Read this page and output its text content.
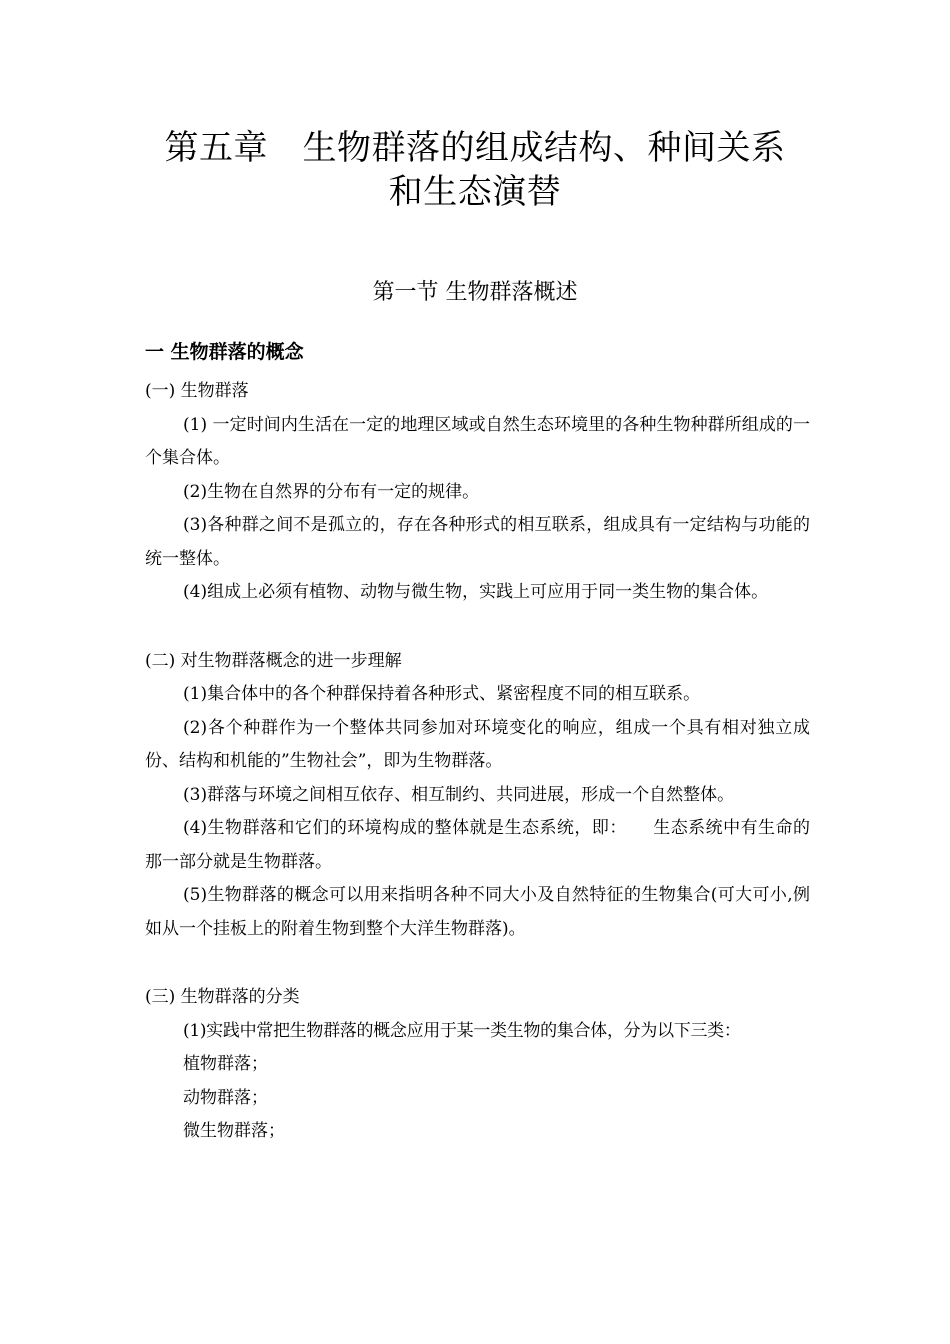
第五章　生物群落的组成结构、种间关系
和生态演替
第一节 生物群落概述
一 生物群落的概念

(一) 生物群落

(1) 一定时间内生活在一定的地理区域或自然生态环境里的各种生物种群所组成的一个集合体。

(2)生物在自然界的分布有一定的规律。

(3)各种群之间不是孤立的，存在各种形式的相互联系，组成具有一定结构与功能的统一整体。

(4)组成上必须有植物、动物与微生物，实践上可应用于同一类生物的集合体。

(二) 对生物群落概念的进一步理解

(1)集合体中的各个种群保持着各种形式、紧密程度不同的相互联系。

(2)各个种群作为一个整体共同参加对环境变化的响应，组成一个具有相对独立成份、结构和机能的”生物社会”，即为生物群落。

(3)群落与环境之间相互依存、相互制约、共同进展，形成一个自然整体。

(4)生物群落和它们的环境构成的整体就是生态系统，即：　　生态系统中有生命的那一部分就是生物群落。

(5)生物群落的概念可以用来指明各种不同大小及自然特征的生物集合(可大可小,例如从一个挂板上的附着生物到整个大洋生物群落)。

(三) 生物群落的分类

(1)实践中常把生物群落的概念应用于某一类生物的集合体，分为以下三类：

植物群落；

动物群落；

微生物群落；
